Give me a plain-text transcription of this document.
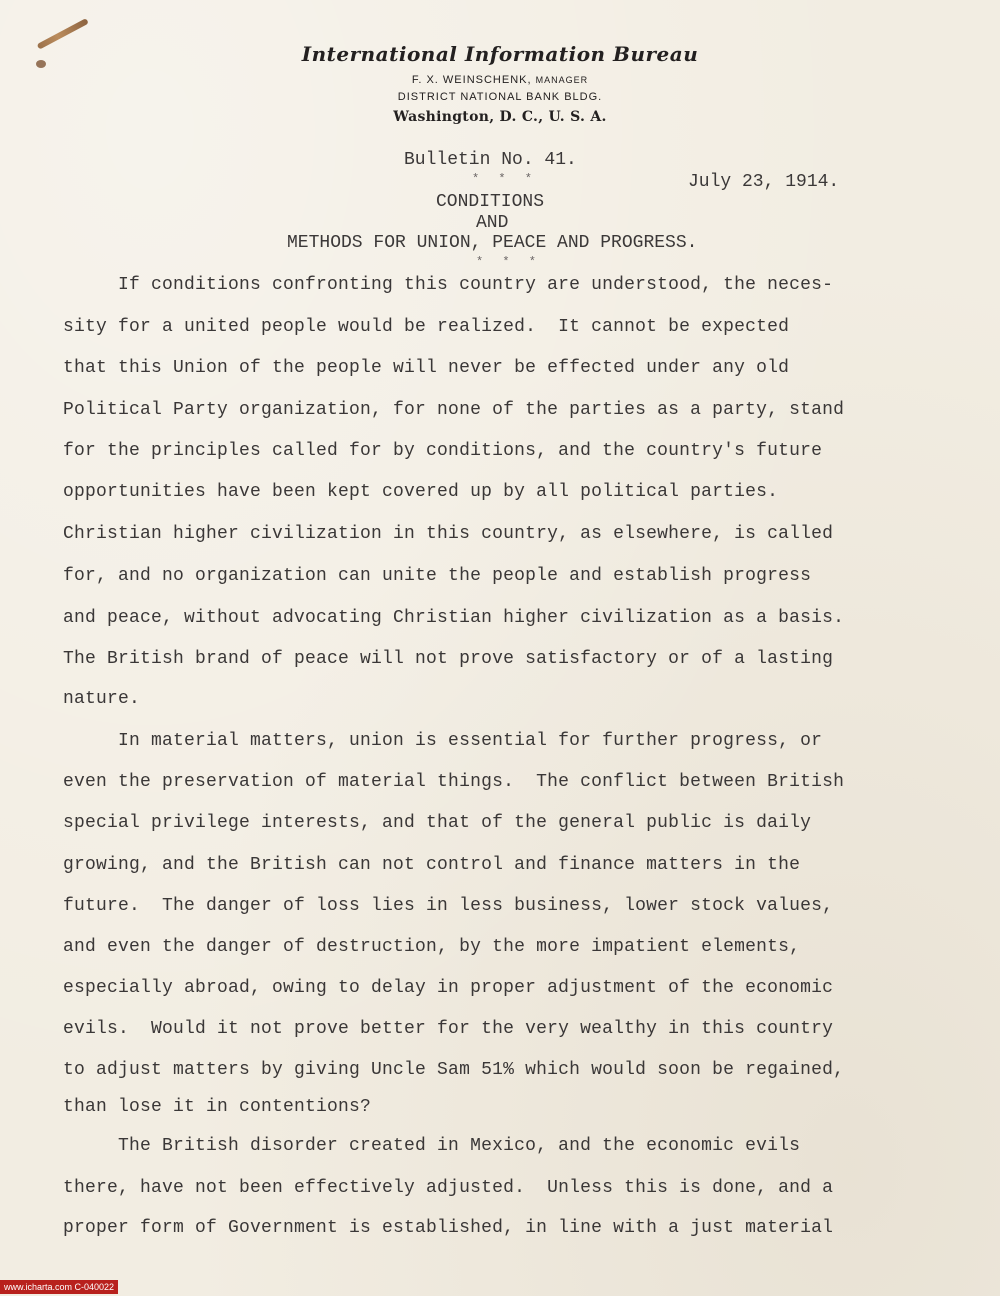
International Information Bureau
F. X. WEINSCHENK, MANAGER
DISTRICT NATIONAL BANK BLDG.
Washington, D. C., U. S. A.
Bulletin No. 41.
* * *	July 23, 1914.
CONDITIONS
AND
METHODS FOR UNION, PEACE AND PROGRESS.
* * *
If conditions confronting this country are understood, the neces-
sity for a united people would be realized.  It cannot be expected
that this Union of the people will never be effected under any old
Political Party organization, for none of the parties as a party, stand
for the principles called for by conditions, and the country's future
opportunities have been kept covered up by all political parties.
Christian higher civilization in this country, as elsewhere, is called
for, and no organization can unite the people and establish progress
and peace, without advocating Christian higher civilization as a basis.
The British brand of peace will not prove satisfactory or of a lasting
nature.
In material matters, union is essential for further progress, or
even the preservation of material things.  The conflict between British
special privilege interests, and that of the general public is daily
growing, and the British can not control and finance matters in the
future.  The danger of loss lies in less business, lower stock values,
and even the danger of destruction, by the more impatient elements,
especially abroad, owing to delay in proper adjustment of the economic
evils.  Would it not prove better for the very wealthy in this country
to adjust matters by giving Uncle Sam 51% which would soon be regained,
than lose it in contentions?
The British disorder created in Mexico, and the economic evils
there, have not been effectively adjusted.  Unless this is done, and a
proper form of Government is established, in line with a just material
www.icharta.com C-040022
